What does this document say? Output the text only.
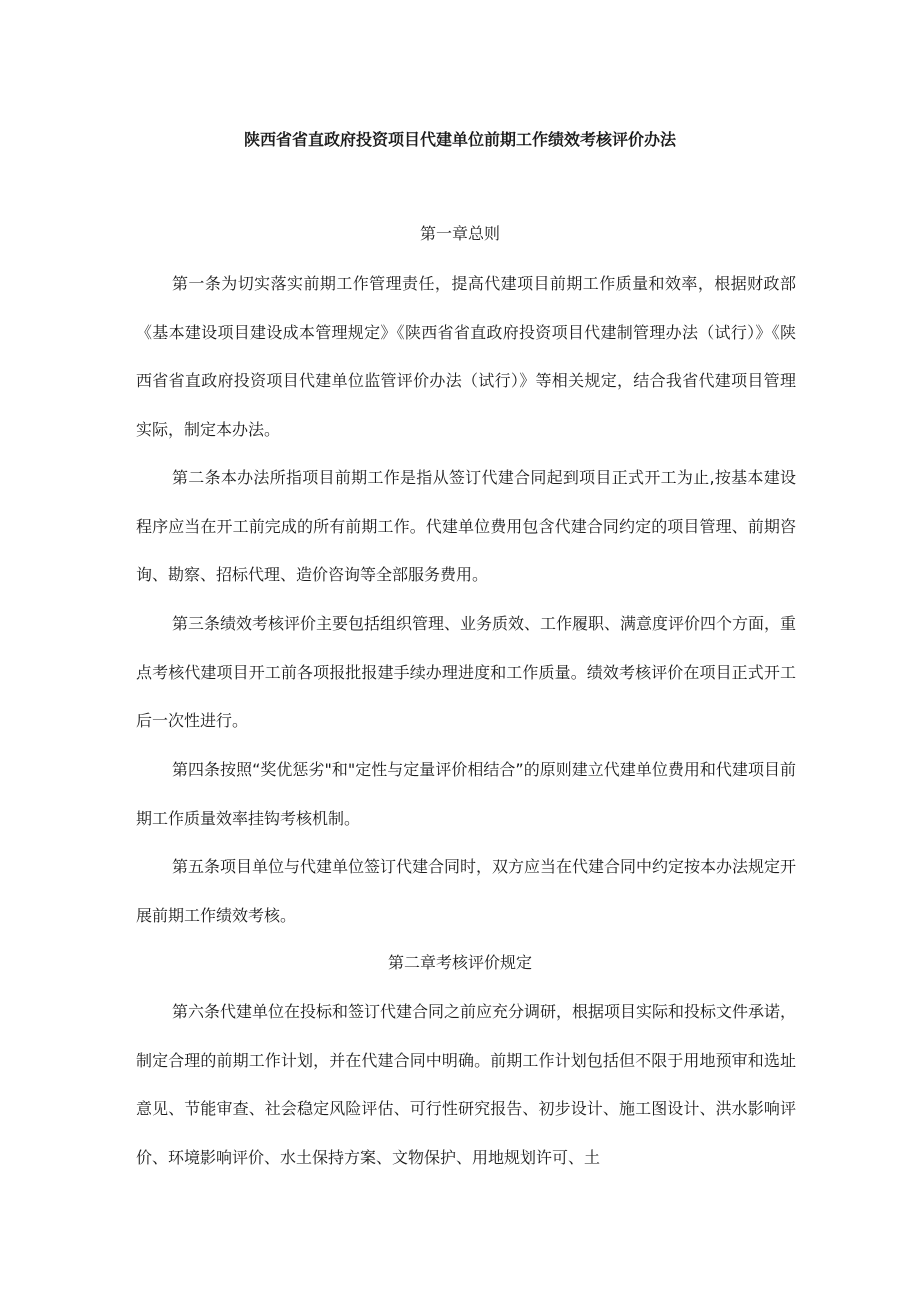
陕西省省直政府投资项目代建单位前期工作绩效考核评价办法

第一章总则

第一条为切实落实前期工作管理责任，提高代建项目前期工作质量和效率，根据财政部《基本建设项目建设成本管理规定》《陕西省省直政府投资项目代建制管理办法（试行）》《陕西省省直政府投资项目代建单位监管评价办法（试行）》等相关规定，结合我省代建项目管理实际，制定本办法。

第二条本办法所指项目前期工作是指从签订代建合同起到项目正式开工为止,按基本建设程序应当在开工前完成的所有前期工作。代建单位费用包含代建合同约定的项目管理、前期咨询、勘察、招标代理、造价咨询等全部服务费用。

第三条绩效考核评价主要包括组织管理、业务质效、工作履职、满意度评价四个方面，重点考核代建项目开工前各项报批报建手续办理进度和工作质量。绩效考核评价在项目正式开工后一次性进行。

第四条按照“奖优惩劣"和"定性与定量评价相结合”的原则建立代建单位费用和代建项目前期工作质量效率挂钩考核机制。

第五条项目单位与代建单位签订代建合同时，双方应当在代建合同中约定按本办法规定开展前期工作绩效考核。

第二章考核评价规定

第六条代建单位在投标和签订代建合同之前应充分调研，根据项目实际和投标文件承诺，制定合理的前期工作计划，并在代建合同中明确。前期工作计划包括但不限于用地预审和选址意见、节能审查、社会稳定风险评估、可行性研究报告、初步设计、施工图设计、洪水影响评价、环境影响评价、水土保持方案、文物保护、用地规划许可、土
